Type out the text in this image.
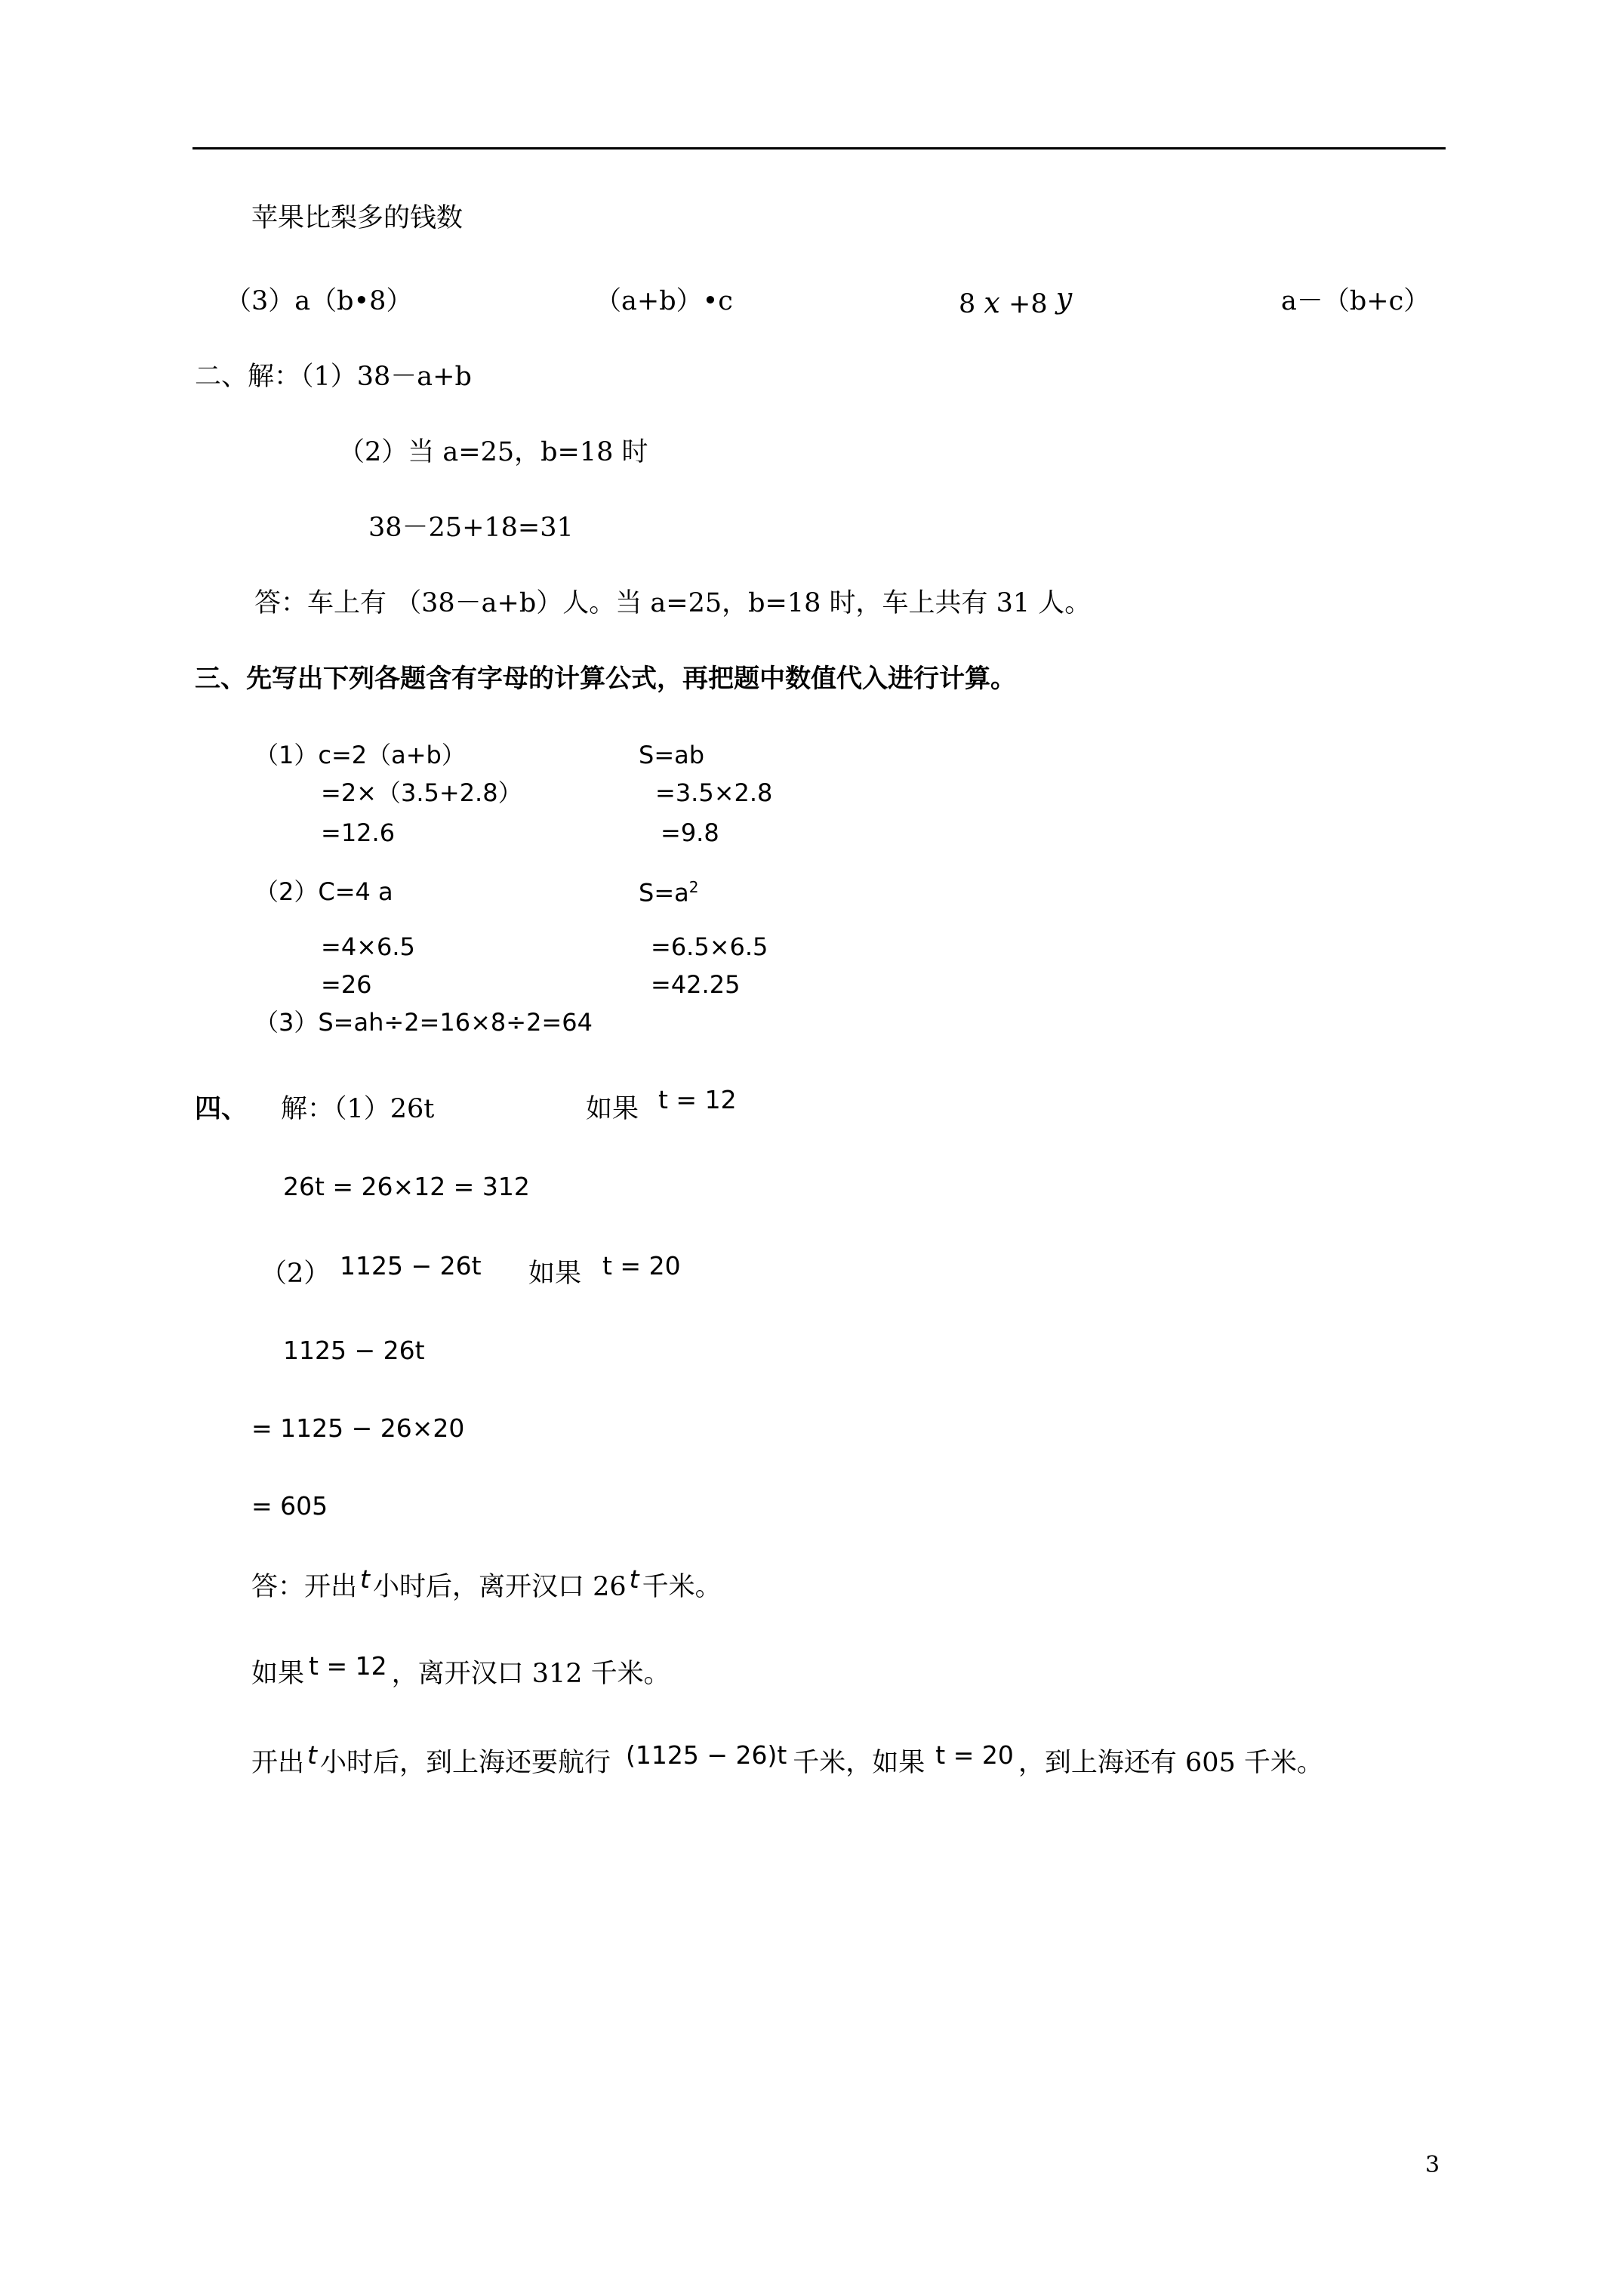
苹果比梨多的钱数
（3）a（b•8）	（a+b）•c	8 x +8 y	a－（b+c）
二、解：（1）38－a+b
（2）当 a=25，b=18 时
38－25+18=31
答：车上有 （38－a+b）人。当 a=25，b=18 时，车上共有 31 人。
三、先写出下列各题含有字母的计算公式，再把题中数值代入进行计算。
（1）c=2（a+b）
=2×（3.5+2.8）
=12.6
S=ab
=3.5×2.8
=9.8
（2）C=4 a
=4×6.5
=26
$S=a^2$
=6.5×6.5
=42.25
（3）S=ah÷2=16×8÷2=64
四、 解：（1）26t	如果 t = 12
26t = 26×12 = 312
（2） 1125 − 26t 如果 t = 20
1125 − 26t
= 1125 − 26×20
= 605
答：开出 t 小时后，离开汉口 26 t 千米。
如果 t = 12 ，离开汉口 312 千米。
开出 t 小时后，到上海还要航行 (1125 − 26)t 千米，如果 t = 20 ，到上海还有 605 千米。
3
